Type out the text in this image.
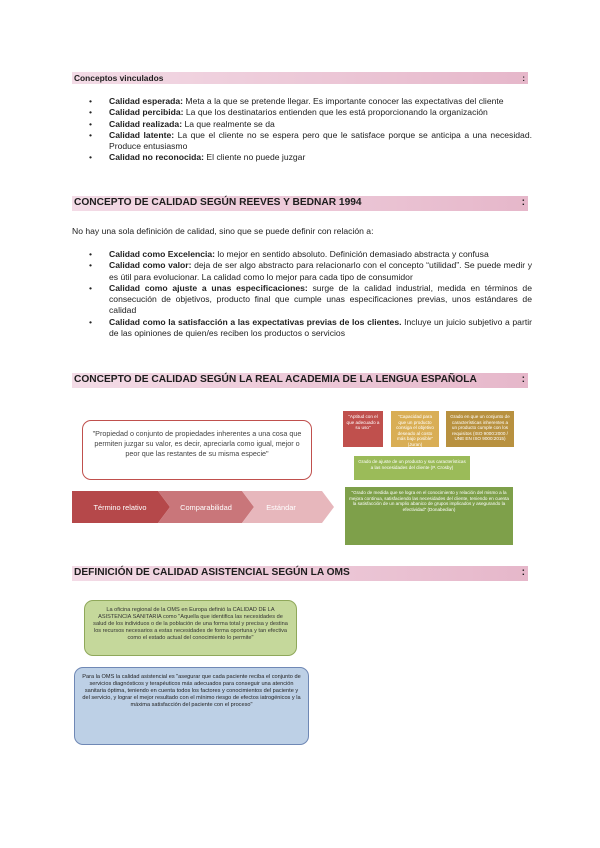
Conceptos vinculados	:
• Calidad esperada: Meta a la que se pretende llegar. Es importante conocer las expectativas del cliente
• Calidad percibida: La que los destinatarios entienden que les está proporcionando la organización
• Calidad realizada: La que realmente se da
• Calidad latente: La que el cliente no se espera pero que le satisface porque se anticipa a una necesidad. Produce entusiasmo
• Calidad no reconocida: El cliente no puede juzgar
CONCEPTO DE CALIDAD SEGÚN REEVES Y BEDNAR 1994	:
No hay una sola definición de calidad, sino que se puede definir con relación a:
• Calidad como Excelencia: lo mejor en sentido absoluto. Definición demasiado abstracta y confusa
• Calidad como valor: deja de ser algo abstracto para relacionarlo con el concepto “utilidad”. Se puede medir y es útil para evolucionar. La calidad como lo mejor para cada tipo de consumidor
• Calidad como ajuste a unas especificaciones: surge de la calidad industrial, medida en términos de consecución de objetivos, producto final que cumple unas especificaciones previas, unos estándares de calidad
• Calidad como la satisfacción a las expectativas previas de los clientes. Incluye un juicio subjetivo a partir de las opiniones de quien/es reciben los productos o servicios
CONCEPTO DE CALIDAD SEGÚN LA REAL ACADEMIA DE LA LENGUA ESPAÑOLA	:
"Propiedad o conjunto de propiedades inherentes a una cosa que permiten juzgar su valor, es decir, apreciarla como igual, mejor o peor que las restantes de su misma especie"
Término relativo	Comparabilidad	Estándar
"Aptitud con el que adecuado a su uso"
"Capacidad para que un producto consiga el objetivo deseado al costo más bajo posible" (Juran)
Grado en que un conjunto de características inherentes a un producto cumple con los requisitos (ISO 9000:2000 / UNE EN ISO 9000:2015)
Grado de ajuste de un producto y sus características a las necesidades del cliente (P. Crosby)
"Grado de medida que se logra en el conocimiento y relación del mismo a la mejora continua, satisfaciendo las necesidades del cliente, teniendo en cuenta la satisfacción de un amplio abanico de grupos implicados y asegurando la efectividad" (Donabedian)
DEFINICIÓN DE CALIDAD ASISTENCIAL SEGÚN LA OMS	:
La oficina regional de la OMS en Europa definió la CALIDAD DE LA ASISTENCIA SANITARIA como "Aquella que identifica las necesidades de salud de los individuos o de la población de una forma total y precisa y destina los recursos necesarios a estas necesidades de forma oportuna y tan efectiva como el estado actual del conocimiento lo permite"
Para la OMS la calidad asistencial es "asegurar que cada paciente reciba el conjunto de servicios diagnósticos y terapéuticos más adecuados para conseguir una atención sanitaria óptima, teniendo en cuenta todos los factores y conocimientos del paciente y del servicio, y lograr el mejor resultado con el mínimo riesgo de efectos iatrogénicos y la máxima satisfacción del paciente con el proceso"
